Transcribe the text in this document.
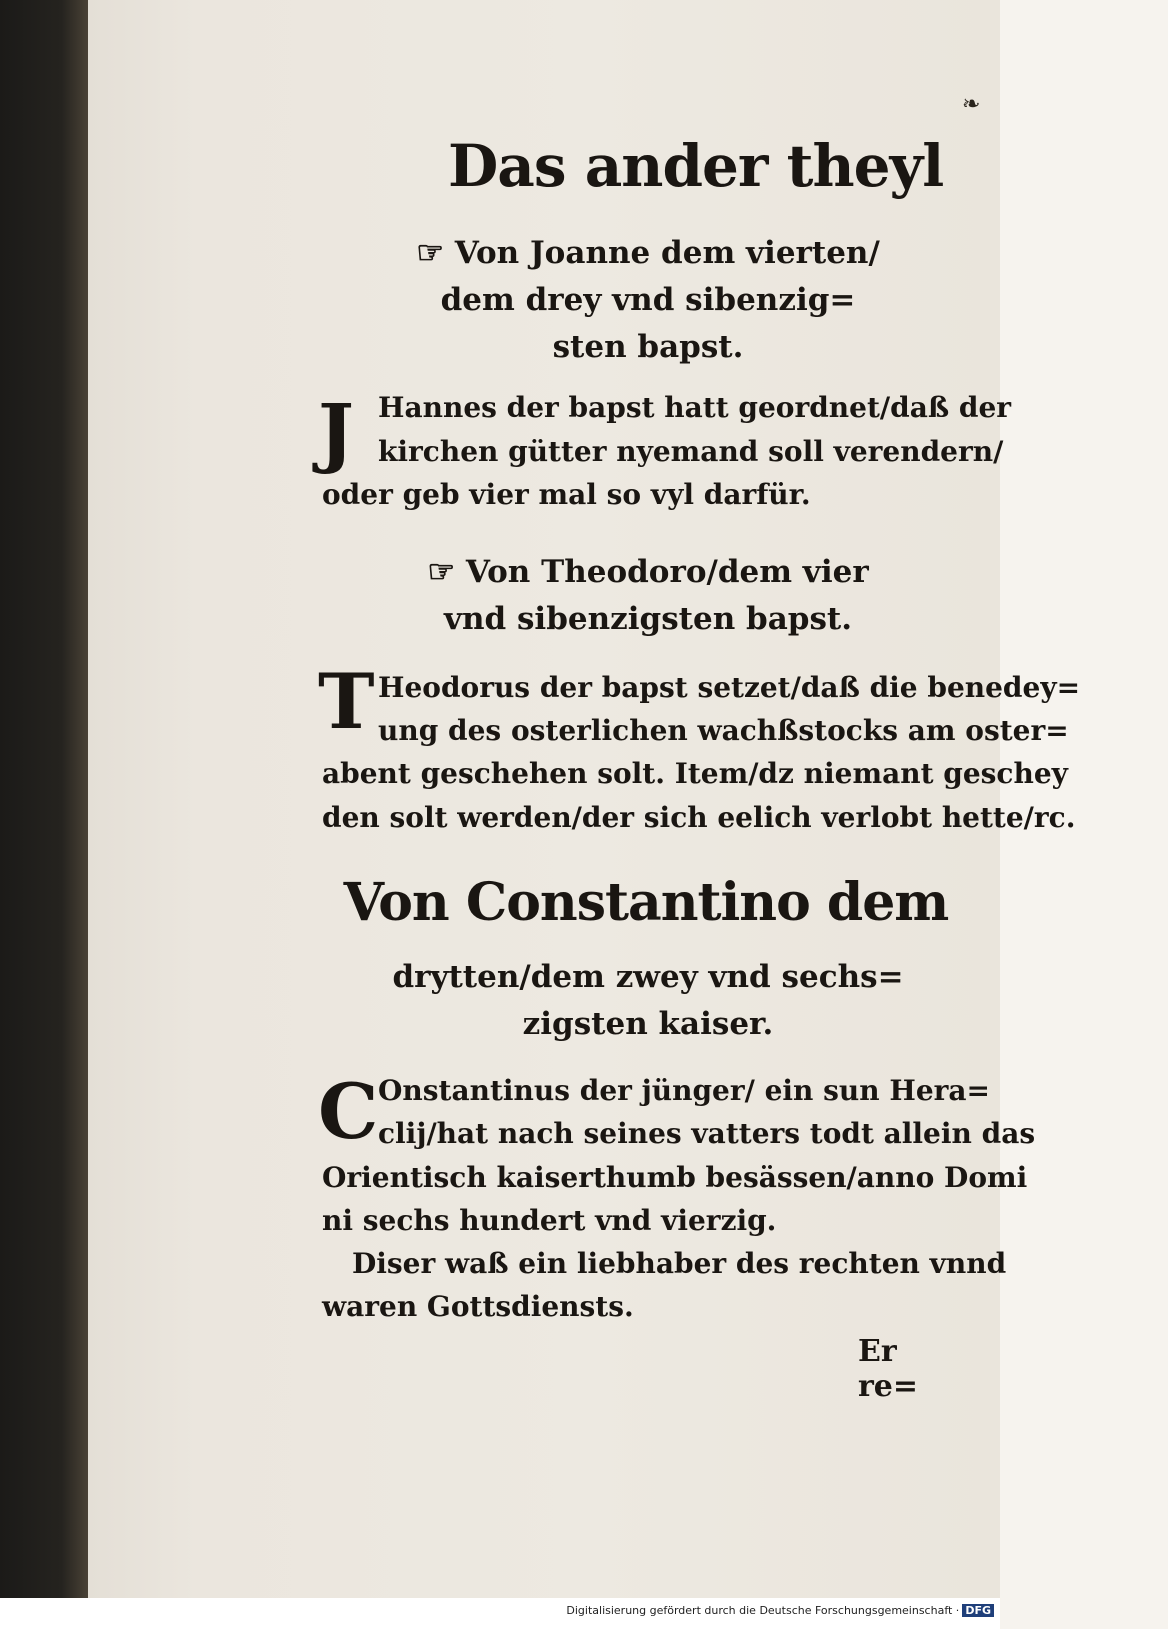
❧
Das ander theyl
☞ Von Joanne dem vierten/
dem drey vnd sibenzig=
sten bapst.
J Hannes der bapst hatt geordnet/daß der
kirchen gütter nyemand soll verendern/
oder geb vier mal so vyl darfür.
☞ Von Theodoro/dem vier
vnd sibenzigsten bapst.
T Heodorus der bapst setzet/daß die benedey=
ung des osterlichen wachßstocks am oster=
abent geschehen solt. Item/dz niemant geschey
den solt werden/der sich eelich verlobt hette/rc.
Von Constantino dem
drytten/dem zwey vnd sechs=
zigsten kaiser.
C Onstantinus der jünger/ ein sun Hera=
clij/hat nach seines vatters todt allein das
Orientisch kaiserthumb besässen/anno Domi
ni sechs hundert vnd vierzig.
Diser waß ein liebhaber des rechten vnnd
waren Gottsdiensts.
Er re=
Digitalisierung gefördert durch die Deutsche Forschungsgemeinschaft · DFG
